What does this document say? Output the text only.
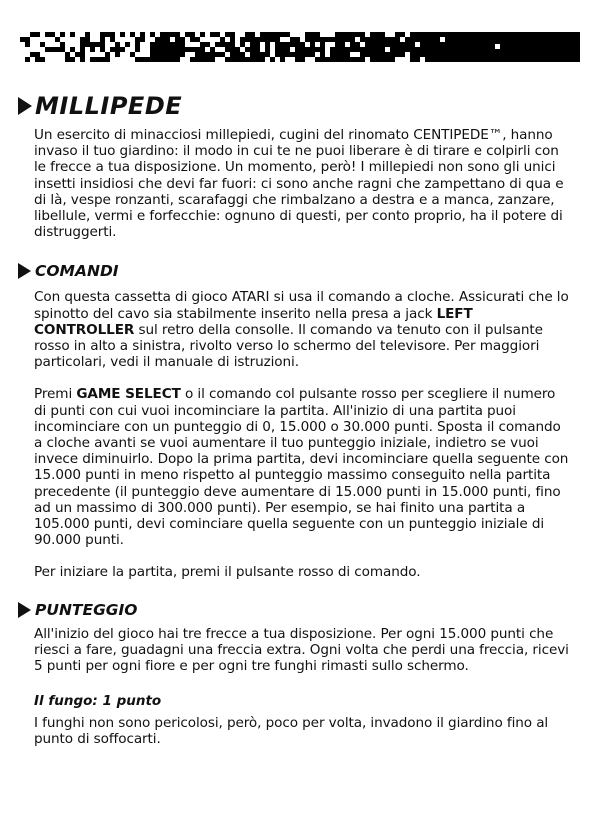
MILLIPEDE

Un esercito di minacciosi millepiedi, cugini del rinomato CENTIPEDE™, hanno invaso il tuo giardino: il modo in cui te ne puoi liberare è di tirare e colpirli con le frecce a tua disposizione. Un momento, però! I millepiedi non sono gli unici insetti insidiosi che devi far fuori: ci sono anche ragni che zampettano di qua e di là, vespe ronzanti, scarafaggi che rimbalzano a destra e a manca, zanzare, libellule, vermi e forfecchie: ognuno di questi, per conto proprio, ha il potere di distruggerti.

COMANDI

Con questa cassetta di gioco ATARI si usa il comando a cloche. Assicurati che lo spinotto del cavo sia stabilmente inserito nella presa a jack LEFT CONTROLLER sul retro della consolle. Il comando va tenuto con il pulsante rosso in alto a sinistra, rivolto verso lo schermo del televisore. Per maggiori particolari, vedi il manuale di istruzioni.

Premi GAME SELECT o il comando col pulsante rosso per scegliere il numero di punti con cui vuoi incominciare la partita. All'inizio di una partita puoi incominciare con un punteggio di 0, 15.000 o 30.000 punti. Sposta il comando a cloche avanti se vuoi aumentare il tuo punteggio iniziale, indietro se vuoi invece diminuirlo. Dopo la prima partita, devi incominciare quella seguente con 15.000 punti in meno rispetto al punteggio massimo conseguito nella partita precedente (il punteggio deve aumentare di 15.000 punti in 15.000 punti, fino ad un massimo di 300.000 punti). Per esempio, se hai finito una partita a 105.000 punti, devi cominciare quella seguente con un punteggio iniziale di 90.000 punti.

Per iniziare la partita, premi il pulsante rosso di comando.

PUNTEGGIO

All'inizio del gioco hai tre frecce a tua disposizione. Per ogni 15.000 punti che riesci a fare, guadagni una freccia extra. Ogni volta che perdi una freccia, ricevi 5 punti per ogni fiore e per ogni tre funghi rimasti sullo schermo.

Il fungo: 1 punto

I funghi non sono pericolosi, però, poco per volta, invadono il giardino fino al punto di soffocarti.
